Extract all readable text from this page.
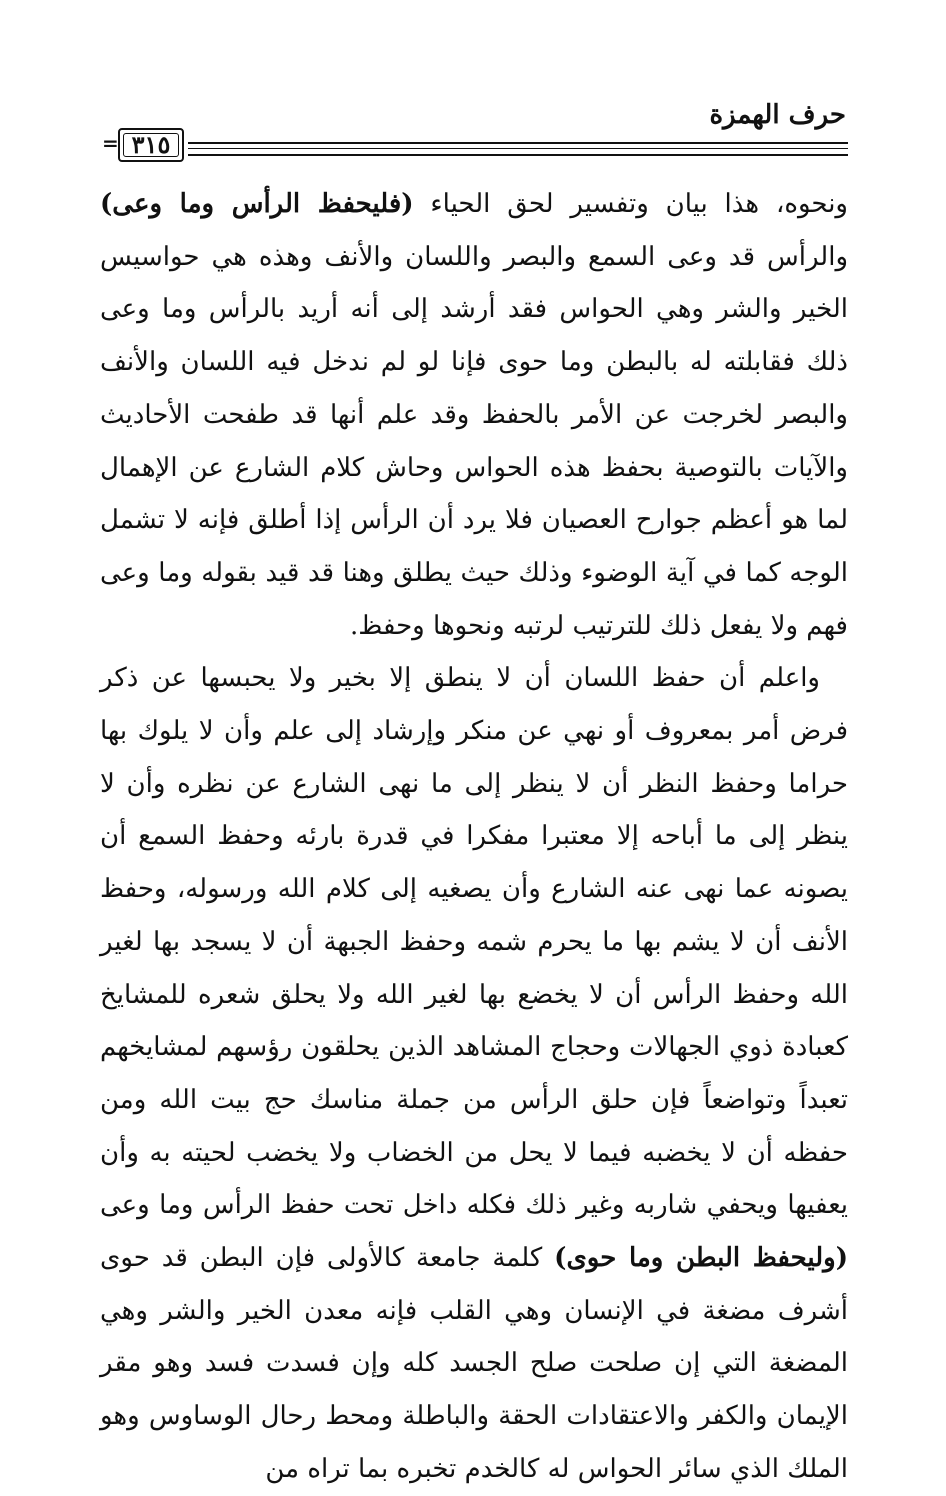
حرف الهمزة
= ٣١٥

ونحوه، هذا بيان وتفسير لحق الحياء (فليحفظ الرأس وما وعى) والرأس قد وعى السمع والبصر واللسان والأنف وهذه هي حواسيس الخير والشر وهي الحواس فقد أرشد إلى أنه أريد بالرأس وما وعى ذلك فقابلته له بالبطن وما حوى فإنا لو لم ندخل فيه اللسان والأنف والبصر لخرجت عن الأمر بالحفظ وقد علم أنها قد طفحت الأحاديث والآيات بالتوصية بحفظ هذه الحواس وحاش كلام الشارع عن الإهمال لما هو أعظم جوارح العصيان فلا يرد أن الرأس إذا أطلق فإنه لا تشمل الوجه كما في آية الوضوء وذلك حيث يطلق وهنا قد قيد بقوله وما وعى فهم ولا يفعل ذلك للترتيب لرتبه ونحوها وحفظ.

واعلم أن حفظ اللسان أن لا ينطق إلا بخير ولا يحبسها عن ذكر فرض أمر بمعروف أو نهي عن منكر وإرشاد إلى علم وأن لا يلوك بها حراما وحفظ النظر أن لا ينظر إلى ما نهى الشارع عن نظره وأن لا ينظر إلى ما أباحه إلا معتبرا مفكرا في قدرة بارئه وحفظ السمع أن يصونه عما نهى عنه الشارع وأن يصغيه إلى كلام الله ورسوله، وحفظ الأنف أن لا يشم بها ما يحرم شمه وحفظ الجبهة أن لا يسجد بها لغير الله وحفظ الرأس أن لا يخضع بها لغير الله ولا يحلق شعره للمشايخ كعبادة ذوي الجهالات وحجاج المشاهد الذين يحلقون رؤسهم لمشايخهم تعبداً وتواضعاً فإن حلق الرأس من جملة مناسك حج بيت الله ومن حفظه أن لا يخضبه فيما لا يحل من الخضاب ولا يخضب لحيته به وأن يعفيها ويحفي شاربه وغير ذلك فكله داخل تحت حفظ الرأس وما وعى (وليحفظ البطن وما حوى) كلمة جامعة كالأولى فإن البطن قد حوى أشرف مضغة في الإنسان وهي القلب فإنه معدن الخير والشر وهي المضغة التي إن صلحت صلح الجسد كله وإن فسدت فسد وهو مقر الإيمان والكفر والاعتقادات الحقة والباطلة ومحط رحال الوساوس وهو الملك الذي سائر الحواس له كالخدم تخبره بما تراه من
